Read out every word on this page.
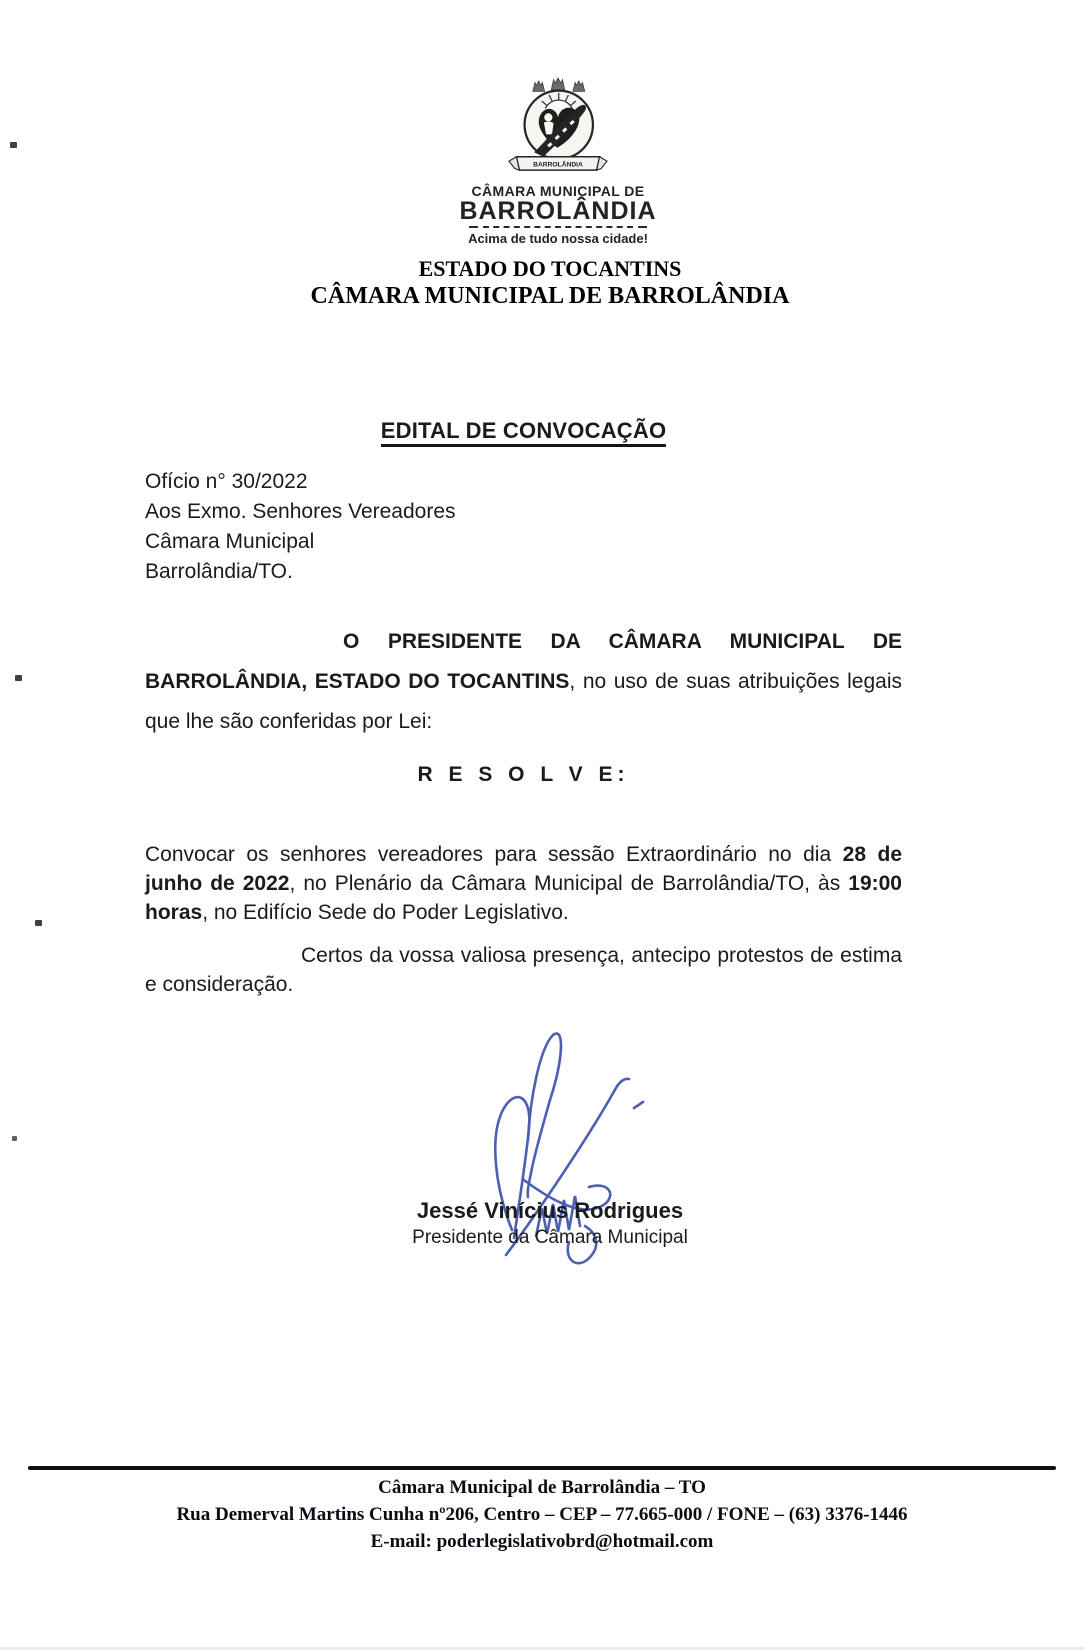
BARROLÂNDIA
CÂMARA MUNICIPAL DE
BARROLÂNDIA
Acima de tudo nossa cidade!
ESTADO DO TOCANTINS
CÂMARA MUNICIPAL DE BARROLÂNDIA
EDITAL DE CONVOCAÇÃO
Ofício n° 30/2022
Aos Exmo. Senhores Vereadores
Câmara Municipal
Barrolândia/TO.

O PRESIDENTE DA CÂMARA MUNICIPAL DE BARROLÂNDIA, ESTADO DO TOCANTINS, no uso de suas atribuições legais que lhe são conferidas por Lei:

R E S O L V E:

Convocar os senhores vereadores para sessão Extraordinário no dia 28 de junho de 2022, no Plenário da Câmara Municipal de Barrolândia/TO, às 19:00 horas, no Edifício Sede do Poder Legislativo.

Certos da vossa valiosa presença, antecipo protestos de estima e consideração.

Jessé Vinícius Rodrigues
Presidente da Câmara Municipal
Câmara Municipal de Barrolândia – TO
Rua Demerval Martins Cunha nº206, Centro – CEP – 77.665-000 / FONE – (63) 3376-1446
E-mail: poderlegislativobrd@hotmail.com
